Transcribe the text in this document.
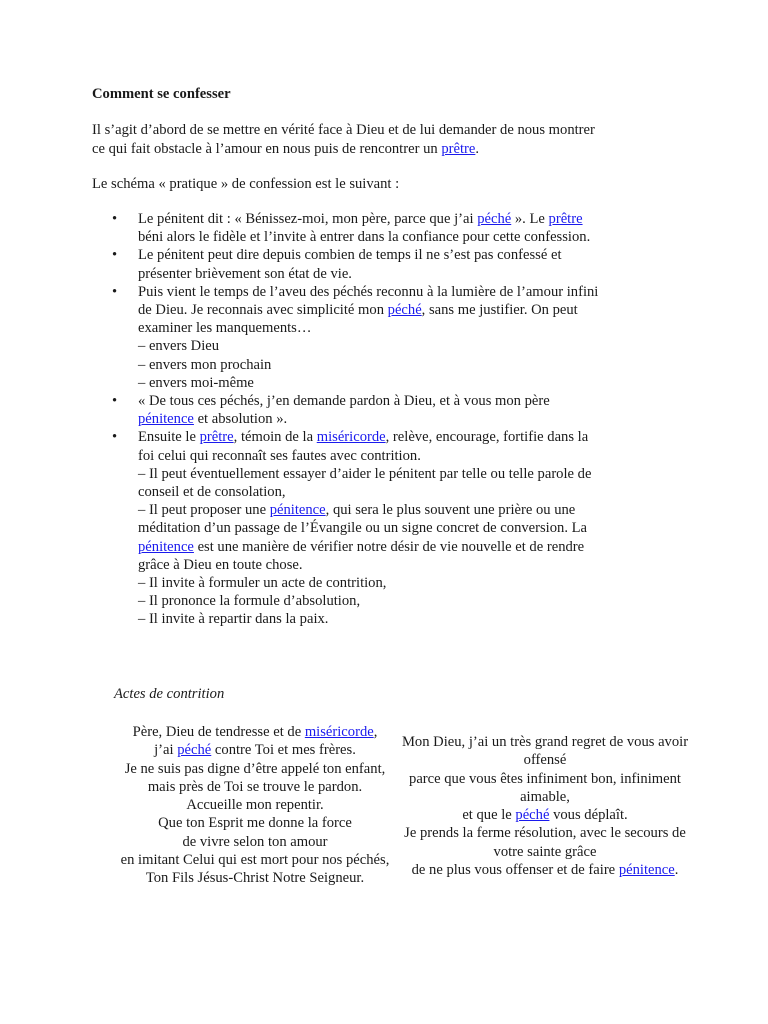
Comment se confesser

Il s’agit d’abord de se mettre en vérité face à Dieu et de lui demander de nous montrer
ce qui fait obstacle à l’amour en nous puis de rencontrer un prêtre.

Le schéma « pratique » de confession est le suivant :

• Le pénitent dit : « Bénissez-moi, mon père, parce que j’ai péché ». Le prêtre
béni alors le fidèle et l’invite à entrer dans la confiance pour cette confession.
• Le pénitent peut dire depuis combien de temps il ne s’est pas confessé et
présenter brièvement son état de vie.
• Puis vient le temps de l’aveu des péchés reconnu à la lumière de l’amour infini
de Dieu. Je reconnais avec simplicité mon péché, sans me justifier. On peut
examiner les manquements…
– envers Dieu
– envers mon prochain
– envers moi-même
• « De tous ces péchés, j’en demande pardon à Dieu, et à vous mon père
pénitence et absolution ».
• Ensuite le prêtre, témoin de la miséricorde, relève, encourage, fortifie dans la
foi celui qui reconnaît ses fautes avec contrition.
– Il peut éventuellement essayer d’aider le pénitent par telle ou telle parole de
conseil et de consolation,
– Il peut proposer une pénitence, qui sera le plus souvent une prière ou une
méditation d’un passage de l’Évangile ou un signe concret de conversion. La
pénitence est une manière de vérifier notre désir de vie nouvelle et de rendre
grâce à Dieu en toute chose.
– Il invite à formuler un acte de contrition,
– Il prononce la formule d’absolution,
– Il invite à repartir dans la paix.

Actes de contrition

Père, Dieu de tendresse et de miséricorde,
j’ai péché contre Toi et mes frères.
Je ne suis pas digne d’être appelé ton enfant,
mais près de Toi se trouve le pardon.
Accueille mon repentir.
Que ton Esprit me donne la force
de vivre selon ton amour
en imitant Celui qui est mort pour nos péchés,
Ton Fils Jésus-Christ Notre Seigneur.
Mon Dieu, j’ai un très grand regret de vous avoir
offensé
parce que vous êtes infiniment bon, infiniment
aimable,
et que le péché vous déplaît.
Je prends la ferme résolution, avec le secours de
votre sainte grâce
de ne plus vous offenser et de faire pénitence.
